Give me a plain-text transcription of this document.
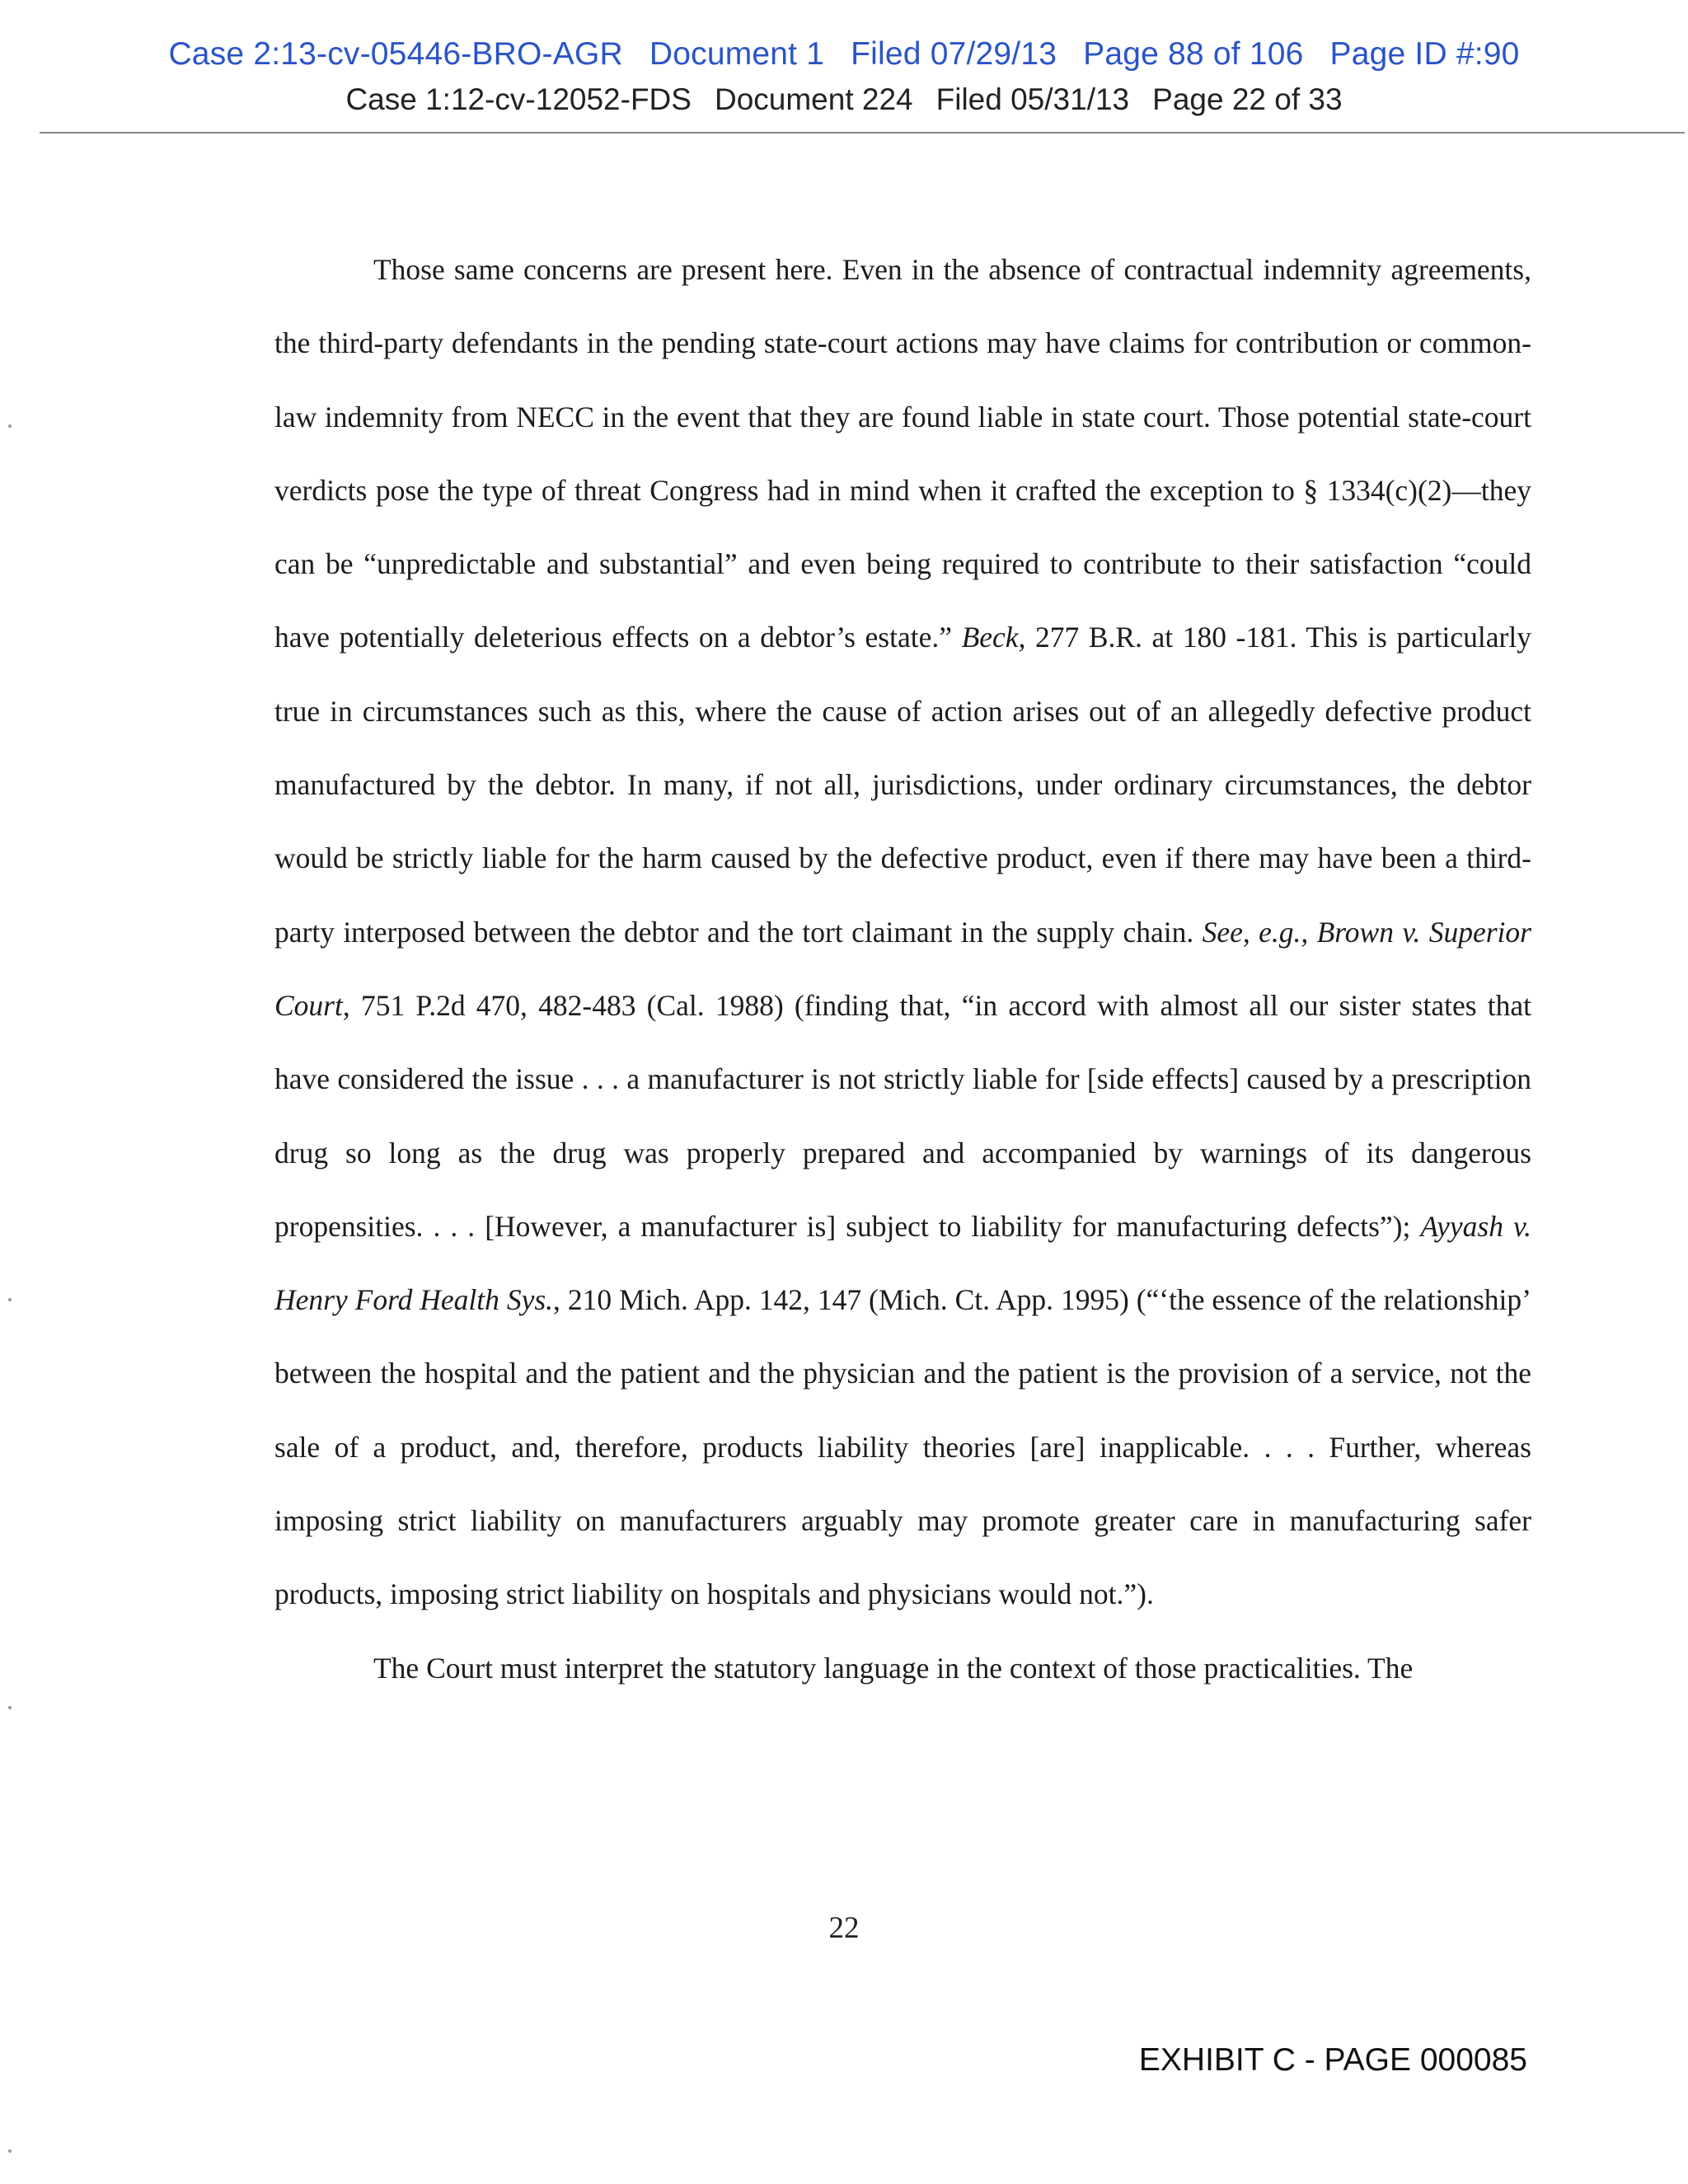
Case 2:13-cv-05446-BRO-AGR Document 1 Filed 07/29/13 Page 88 of 106 Page ID #:90
Case 1:12-cv-12052-FDS Document 224 Filed 05/31/13 Page 22 of 33

Those same concerns are present here. Even in the absence of contractual indemnity agreements, the third-party defendants in the pending state-court actions may have claims for contribution or common-law indemnity from NECC in the event that they are found liable in state court. Those potential state-court verdicts pose the type of threat Congress had in mind when it crafted the exception to § 1334(c)(2)—they can be “unpredictable and substantial” and even being required to contribute to their satisfaction “could have potentially deleterious effects on a debtor’s estate.” Beck, 277 B.R. at 180 -181. This is particularly true in circumstances such as this, where the cause of action arises out of an allegedly defective product manufactured by the debtor. In many, if not all, jurisdictions, under ordinary circumstances, the debtor would be strictly liable for the harm caused by the defective product, even if there may have been a third-party interposed between the debtor and the tort claimant in the supply chain. See, e.g., Brown v. Superior Court, 751 P.2d 470, 482-483 (Cal. 1988) (finding that, “in accord with almost all our sister states that have considered the issue . . . a manufacturer is not strictly liable for [side effects] caused by a prescription drug so long as the drug was properly prepared and accompanied by warnings of its dangerous propensities. . . . [However, a manufacturer is] subject to liability for manufacturing defects”); Ayyash v. Henry Ford Health Sys., 210 Mich. App. 142, 147 (Mich. Ct. App. 1995) (“‘the essence of the relationship’ between the hospital and the patient and the physician and the patient is the provision of a service, not the sale of a product, and, therefore, products liability theories [are] inapplicable. . . . Further, whereas imposing strict liability on manufacturers arguably may promote greater care in manufacturing safer products, imposing strict liability on hospitals and physicians would not.”).

The Court must interpret the statutory language in the context of those practicalities. The

22
EXHIBIT C - PAGE 000085
